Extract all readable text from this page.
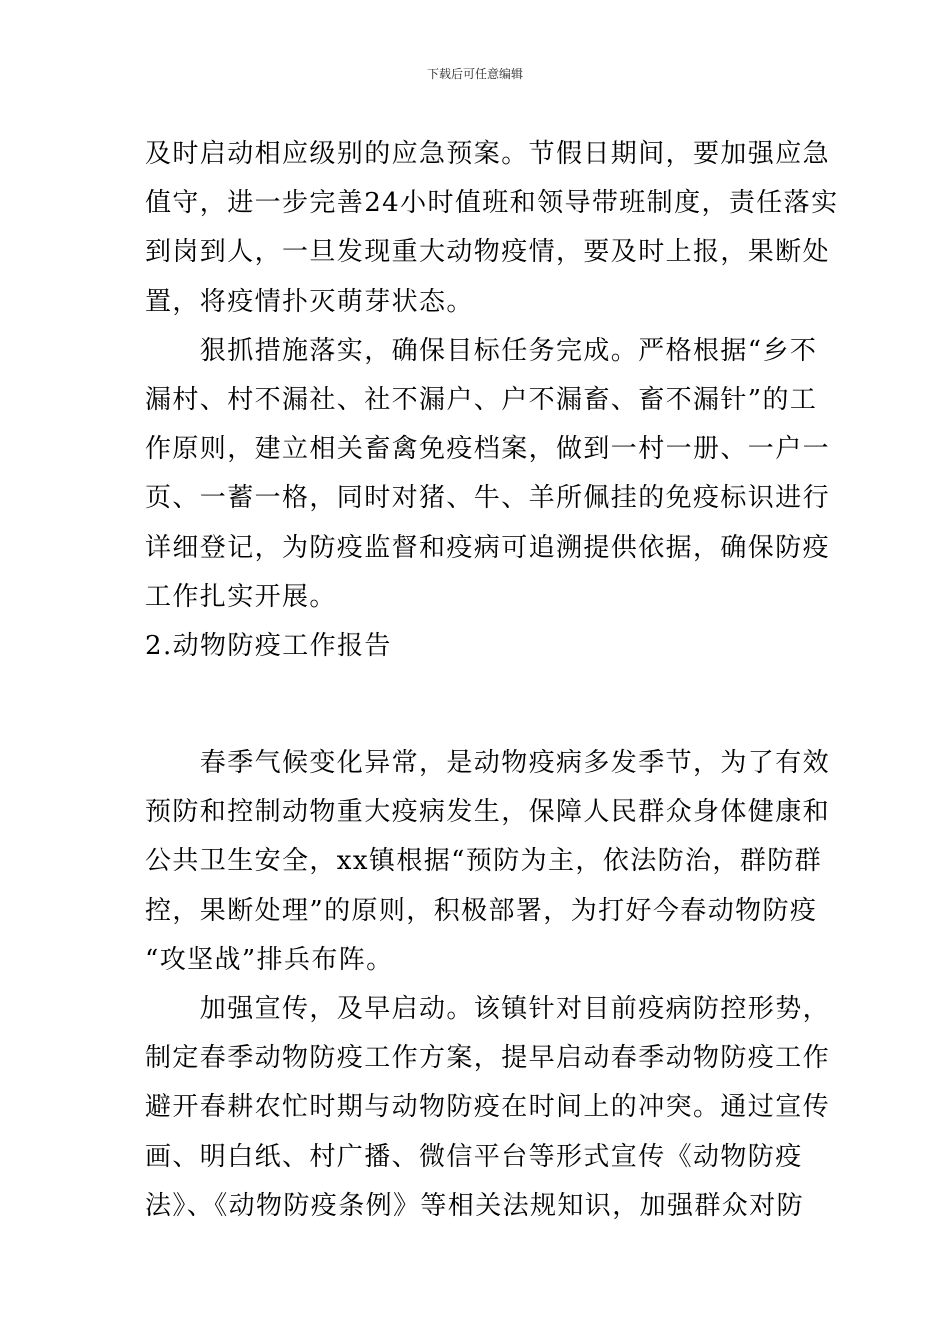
下载后可任意编辑
及时启动相应级别的应急预案。节假日期间，要加强应急
值守，进一步完善24小时值班和领导带班制度，责任落实
到岗到人，一旦发现重大动物疫情，要及时上报，果断处
置，将疫情扑灭萌芽状态。
　　狠抓措施落实，确保目标任务完成。严格根据“乡不
漏村、村不漏社、社不漏户、户不漏畜、畜不漏针”的工
作原则，建立相关畜禽免疫档案，做到一村一册、一户一
页、一蓄一格，同时对猪、牛、羊所佩挂的免疫标识进行
详细登记，为防疫监督和疫病可追溯提供依据，确保防疫
工作扎实开展。
2.动物防疫工作报告
　　春季气候变化异常，是动物疫病多发季节，为了有效
预防和控制动物重大疫病发生，保障人民群众身体健康和
公共卫生安全，xx镇根据“预防为主，依法防治，群防群
控，果断处理”的原则，积极部署，为打好今春动物防疫
“攻坚战”排兵布阵。
　　加强宣传，及早启动。该镇针对目前疫病防控形势，
制定春季动物防疫工作方案，提早启动春季动物防疫工作
避开春耕农忙时期与动物防疫在时间上的冲突。通过宣传
画、明白纸、村广播、微信平台等形式宣传《动物防疫
法》、《动物防疫条例》等相关法规知识，加强群众对防
